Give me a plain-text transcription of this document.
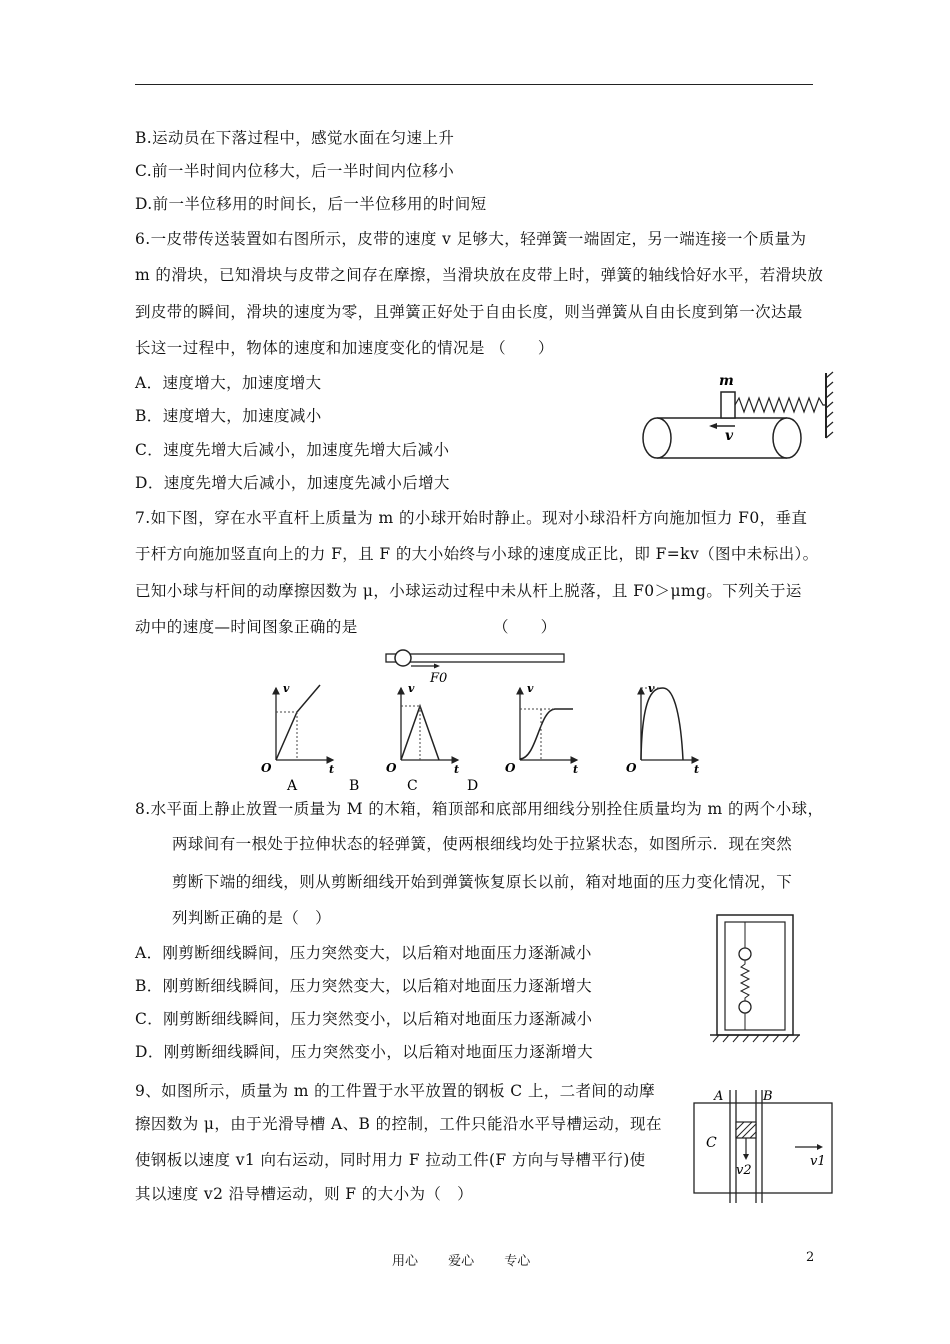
B.运动员在下落过程中，感觉水面在匀速上升
C.前一半时间内位移大，后一半时间内位移小
D.前一半位移用的时间长，后一半位移用的时间短
6.一皮带传送装置如右图所示，皮带的速度 v 足够大，轻弹簧一端固定，另一端连接一个质量为
m 的滑块，已知滑块与皮带之间存在摩擦，当滑块放在皮带上时，弹簧的轴线恰好水平，若滑块放
到皮带的瞬间，滑块的速度为零，且弹簧正好处于自由长度，则当弹簧从自由长度到第一次达最
长这一过程中，物体的速度和加速度变化的情况是 （　　）
A．速度增大，加速度增大
B．速度增大，加速度减小
C．速度先增大后减小，加速度先增大后减小
D．速度先增大后减小，加速度先减小后增大
7.如下图，穿在水平直杆上质量为 m 的小球开始时静止。现对小球沿杆方向施加恒力 F0，垂直
于杆方向施加竖直向上的力 F，且 F 的大小始终与小球的速度成正比，即 F=kv（图中未标出）。
已知小球与杆间的动摩擦因数为 μ，小球运动过程中未从杆上脱落，且 F0＞μmg。下列关于运
动中的速度—时间图象正确的是　　　　　　　　　（　　）
8.水平面上静止放置一质量为 M 的木箱，箱顶部和底部用细线分别拴住质量均为 m 的两个小球，
两球间有一根处于拉伸状态的轻弹簧，使两根细线均处于拉紧状态，如图所示．现在突然
剪断下端的细线，则从剪断细线开始到弹簧恢复原长以前，箱对地面的压力变化情况，下
列判断正确的是（　）
A．刚剪断细线瞬间，压力突然变大，以后箱对地面压力逐渐减小
B．刚剪断细线瞬间，压力突然变大，以后箱对地面压力逐渐增大
C．刚剪断细线瞬间，压力突然变小，以后箱对地面压力逐渐减小
D．刚剪断细线瞬间，压力突然变小，以后箱对地面压力逐渐增大
9、如图所示，质量为 m 的工件置于水平放置的钢板 C 上，二者间的动摩
擦因数为 μ，由于光滑导槽 A、B 的控制，工件只能沿水平导槽运动，现在
使钢板以速度 v1 向右运动，同时用力 F 拉动工件(F 方向与导槽平行)使
其以速度 v2 沿导槽运动，则 F 的大小为（　）
m
v
F0
v
t
O
v
t
O
v
t
O
v
t
O
A	B	C	D
v2
v1
A	B
C
用心 爱心 专心	2
